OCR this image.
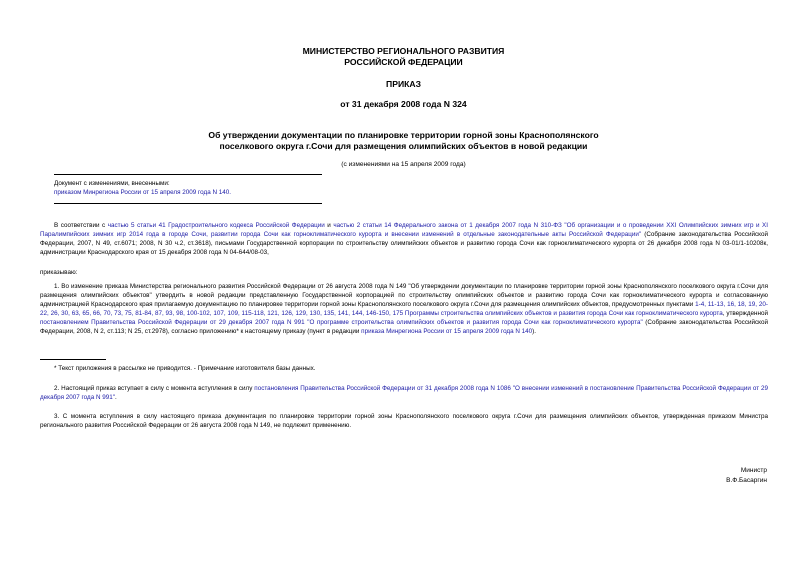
МИНИСТЕРСТВО РЕГИОНАЛЬНОГО РАЗВИТИЯ
РОССИЙСКОЙ ФЕДЕРАЦИИ
ПРИКАЗ
от 31 декабря 2008 года N 324
Об утверждении документации по планировке территории горной зоны Краснополянского
поселкового округа г.Сочи для размещения олимпийских объектов в новой редакции
(с изменениями на 15 апреля 2009 года)
Документ с изменениями, внесенными:
приказом Минрегиона России от 15 апреля 2009 года N 140.

В соответствии с частью 5 статьи 41 Градостроительного кодекса Российской Федерации и частью 2 статьи 14 Федерального закона от 1 декабря 2007 года N 310-ФЗ "Об организации и о проведении XXI Олимпийских зимних игр и XI Паралимпийских зимних игр 2014 года в городе Сочи, развитии города Сочи как горноклиматического курорта и внесении изменений в отдельные законодательные акты Российской Федерации" (Собрание законодательства Российской Федерации, 2007, N 49, ст.6071; 2008, N 30 ч.2, ст.3618), письмами Государственной корпорации по строительству олимпийских объектов и развитию города Сочи как горноклиматического курорта от 26 декабря 2008 года N 03-01/1-10208к, администрации Краснодарского края от 15 декабря 2008 года N 04-644/08-03,

приказываю:

1. Во изменение приказа Министерства регионального развития Российской Федерации от 26 августа 2008 года N 149 "Об утверждении документации по планировке территории горной зоны Краснополянского поселкового округа г.Сочи для размещения олимпийских объектов" утвердить в новой редакции представленную Государственной корпорацией по строительству олимпийских объектов и развитию города Сочи как горноклиматического курорта и согласованную администрацией Краснодарского края прилагаемую документацию по планировке территории горной зоны Краснополянского поселкового округа г.Сочи для размещения олимпийских объектов, предусмотренных пунктами 1-4, 11-13, 16, 18, 19, 20-22, 26, 30, 63, 65, 66, 70, 73, 75, 81-84, 87, 93, 98, 100-102, 107, 109, 115-118, 121, 126, 129, 130, 135, 141, 144, 146-150, 175 Программы строительства олимпийских объектов и развития города Сочи как горноклиматического курорта, утвержденной постановлением Правительства Российской Федерации от 29 декабря 2007 года N 991 "О программе строительства олимпийских объектов и развития города Сочи как горноклиматического курорта" (Собрание законодательства Российской Федерации, 2008, N 2, ст.113; N 25, ст.2978), согласно приложению* к настоящему приказу (пункт в редакции приказа Минрегиона России от 15 апреля 2009 года N 140).

* Текст приложения в рассылке не приводится. - Примечание изготовителя базы данных.

2. Настоящий приказ вступает в силу с момента вступления в силу постановления Правительства Российской Федерации от 31 декабря 2008 года N 1086 "О внесении изменений в постановление Правительства Российской Федерации от 29 декабря 2007 года N 991".

3. С момента вступления в силу настоящего приказа документация по планировке территории горной зоны Краснополянского поселкового округа г.Сочи для размещения олимпийских объектов, утвержденная приказом Министра регионального развития Российской Федерации от 26 августа 2008 года N 149, не подлежит применению.

Министр
В.Ф.Басаргин
